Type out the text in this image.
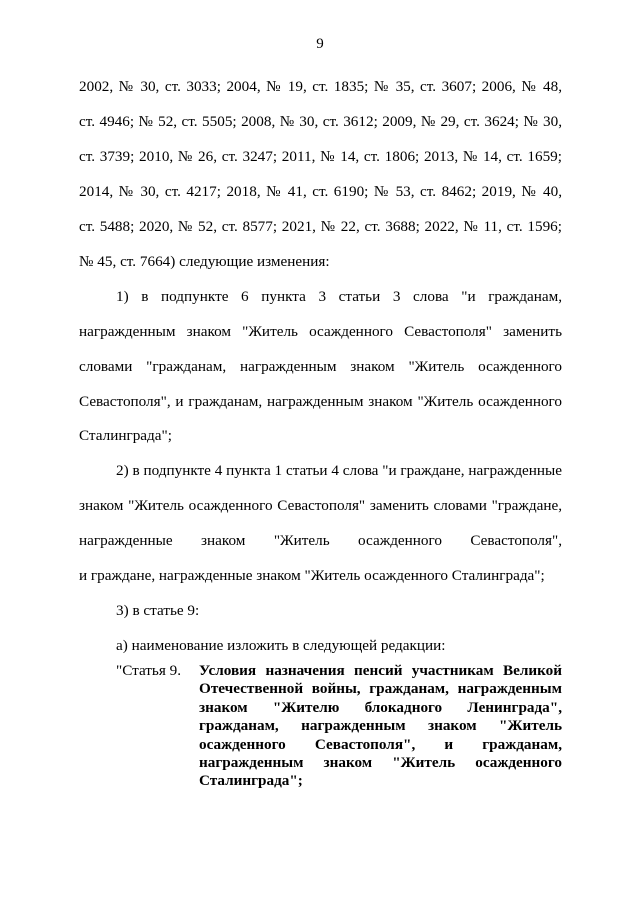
9
2002, № 30, ст. 3033; 2004, № 19, ст. 1835; № 35, ст. 3607; 2006, № 48,
ст. 4946; № 52, ст. 5505; 2008, № 30, ст. 3612; 2009, № 29, ст. 3624; № 30,
ст. 3739; 2010, № 26, ст. 3247; 2011, № 14, ст. 1806; 2013, № 14, ст. 1659;
2014, № 30, ст. 4217; 2018, № 41, ст. 6190; № 53, ст. 8462; 2019, № 40,
ст. 5488; 2020, № 52, ст. 8577; 2021, № 22, ст. 3688; 2022, № 11, ст. 1596;
№ 45, ст. 7664) следующие изменения:
1) в подпункте 6 пункта 3 статьи 3 слова "и гражданам,
награжденным знаком "Житель осажденного Севастополя" заменить
словами "гражданам, награжденным знаком "Житель осажденного
Севастополя", и гражданам, награжденным знаком "Житель осажденного
Сталинграда";
2) в подпункте 4 пункта 1 статьи 4 слова "и граждане, награжденные
знаком "Житель осажденного Севастополя" заменить словами "граждане,
награжденные знаком "Житель осажденного Севастополя",
и граждане, награжденные знаком "Житель осажденного Сталинграда";
3) в статье 9:
а) наименование изложить в следующей редакции:
"Статья 9. Условия назначения пенсий участникам Великой
Отечественной войны, гражданам, награжденным
знаком "Жителю блокадного Ленинграда",
гражданам, награжденным знаком "Житель
осажденного Севастополя", и гражданам,
награжденным знаком "Житель осажденного
Сталинграда";
